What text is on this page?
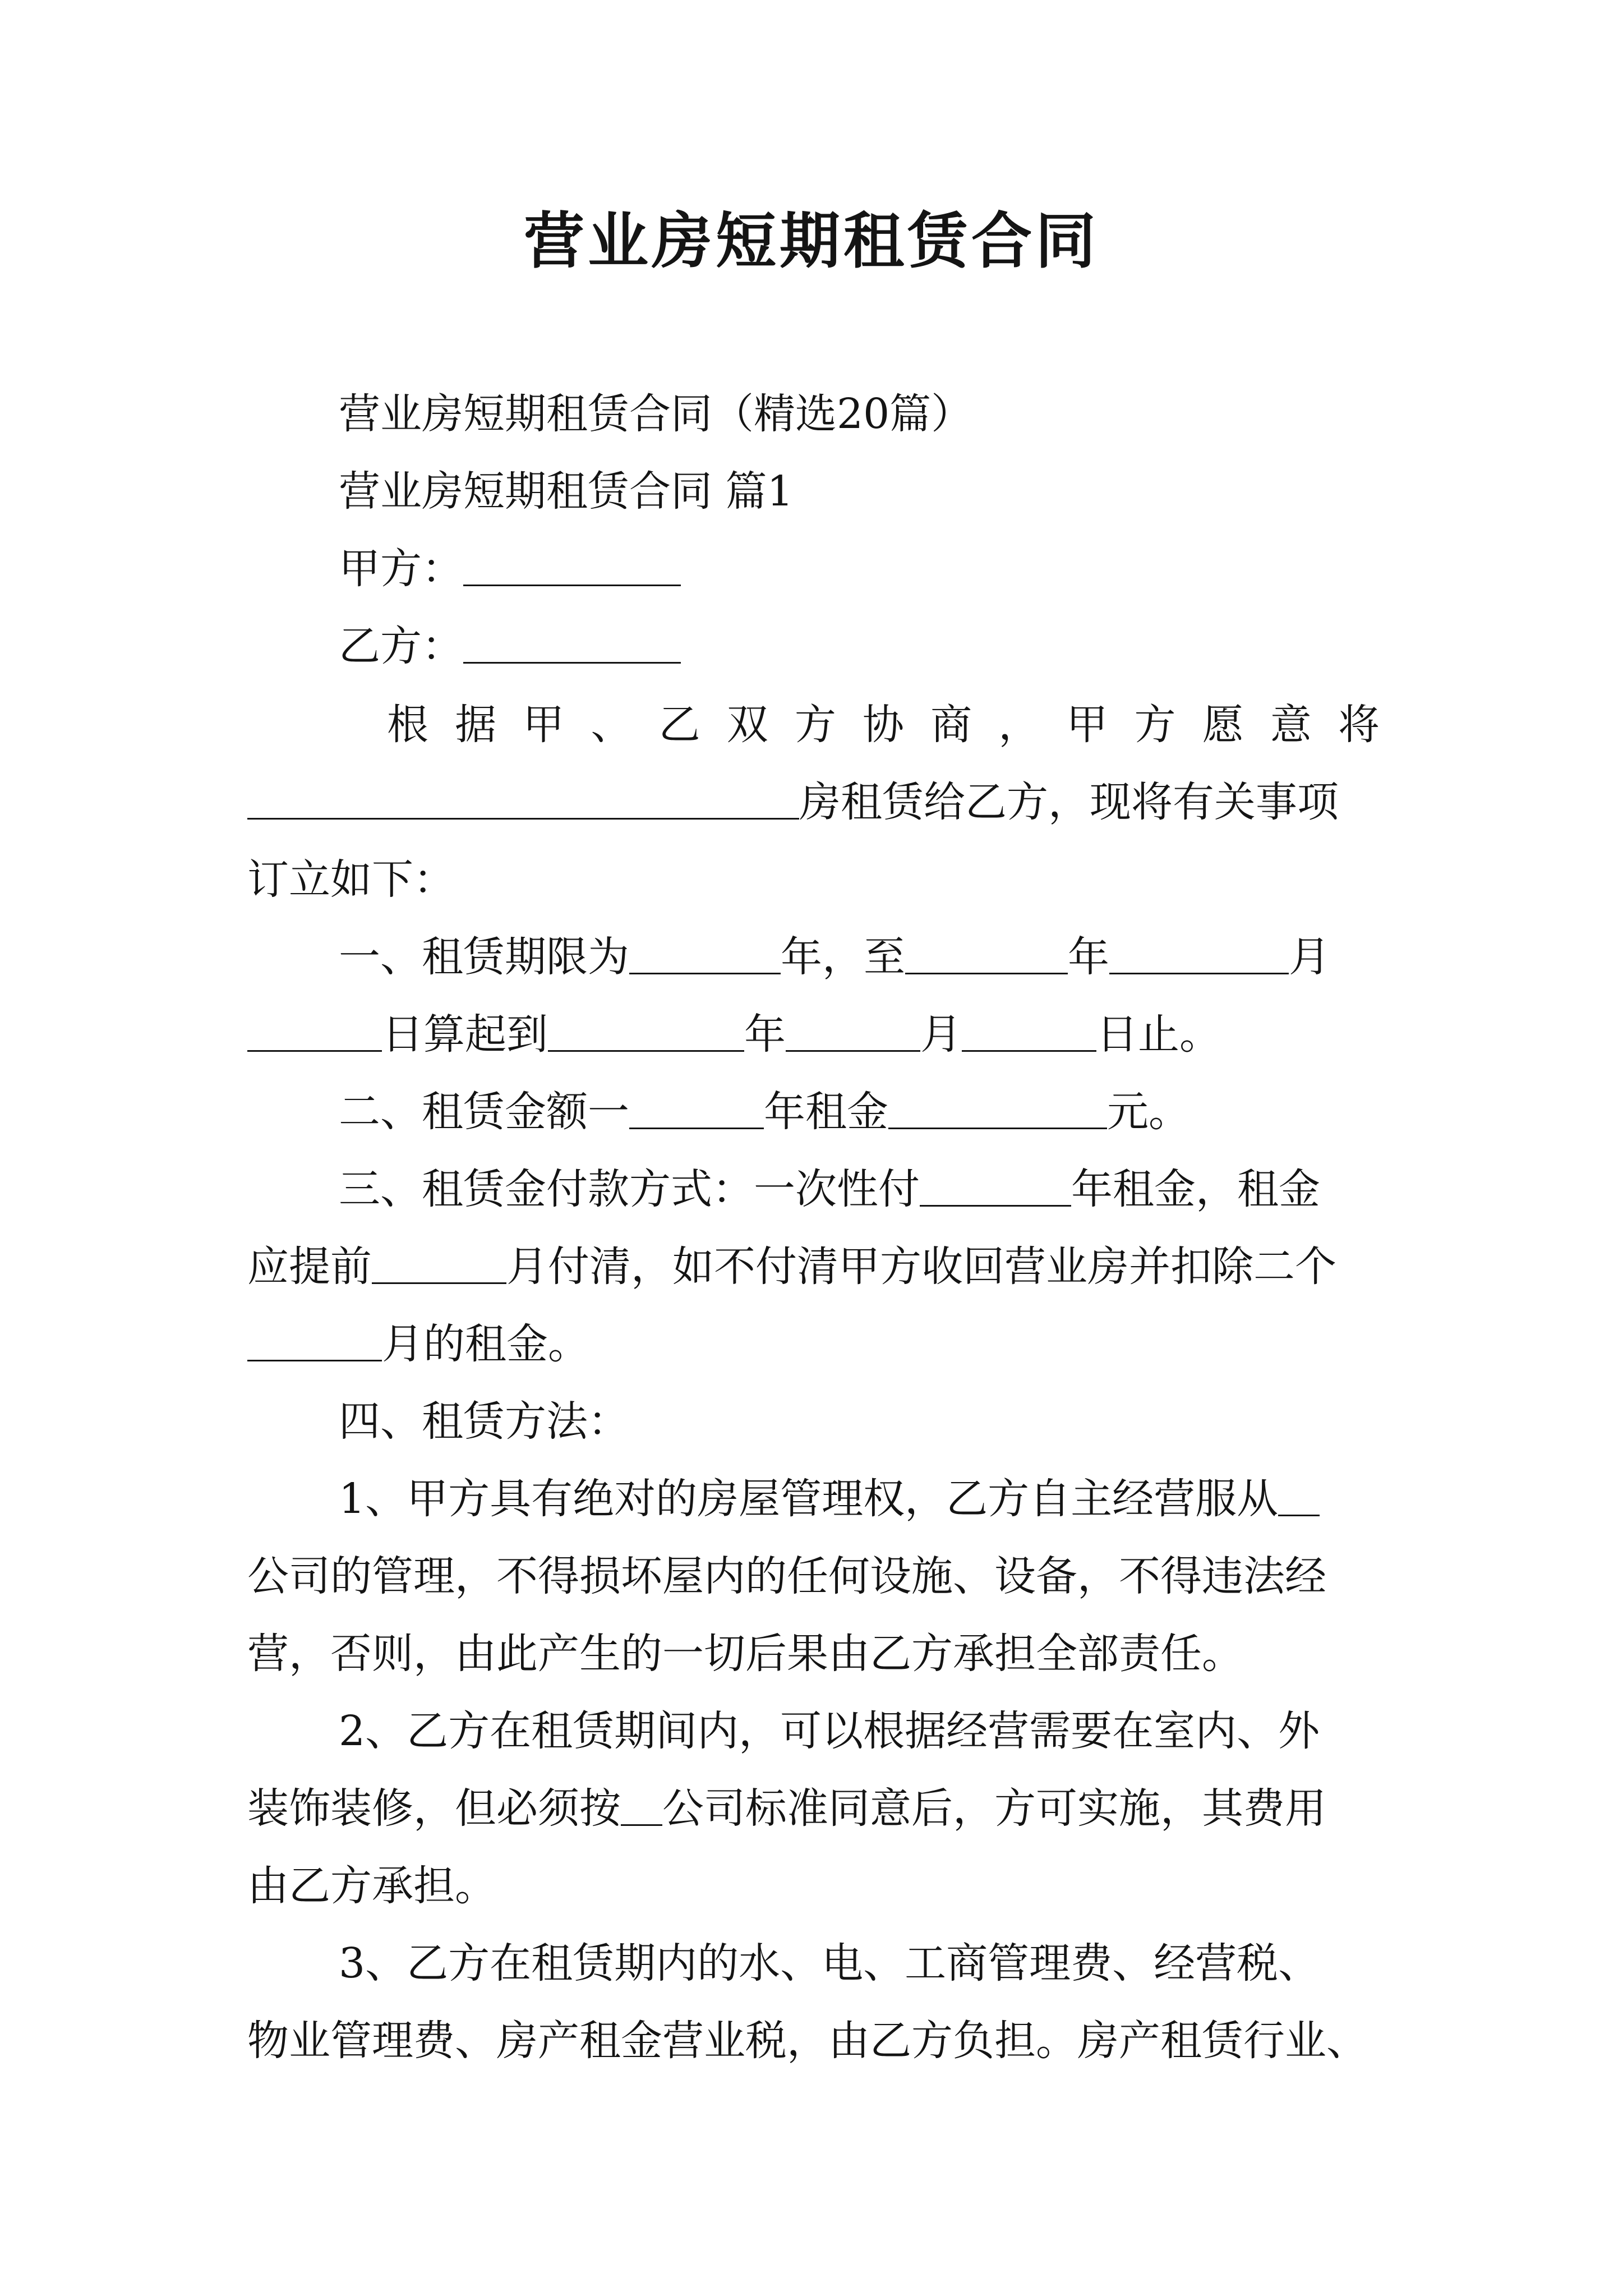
营业房短期租赁合同
营业房短期租赁合同（精选20篇）
营业房短期租赁合同 篇1
甲方：
乙方：
根 据 甲 、 乙 双 方 协 商 ， 甲 方 愿 意 将
房租赁给乙方，现将有关事项
订立如下：
一、租赁期限为	年，至	年	月
日算起到	年	月	日止。
二、租赁金额一	年租金	元。
三、租赁金付款方式：一次性付	年租金，租金
应提前	月付清，如不付清甲方收回营业房并扣除二个
月的租金。
四、租赁方法：
1、甲方具有绝对的房屋管理权，乙方自主经营服从
公司的管理，不得损坏屋内的任何设施、设备，不得违法经
营，否则，由此产生的一切后果由乙方承担全部责任。
2、乙方在租赁期间内，可以根据经营需要在室内、外
装饰装修，但必须按 公司标准同意后，方可实施，其费用
由乙方承担。
3、乙方在租赁期内的水、电、工商管理费、经营税、
物业管理费、房产租金营业税，由乙方负担。房产租赁行业、
